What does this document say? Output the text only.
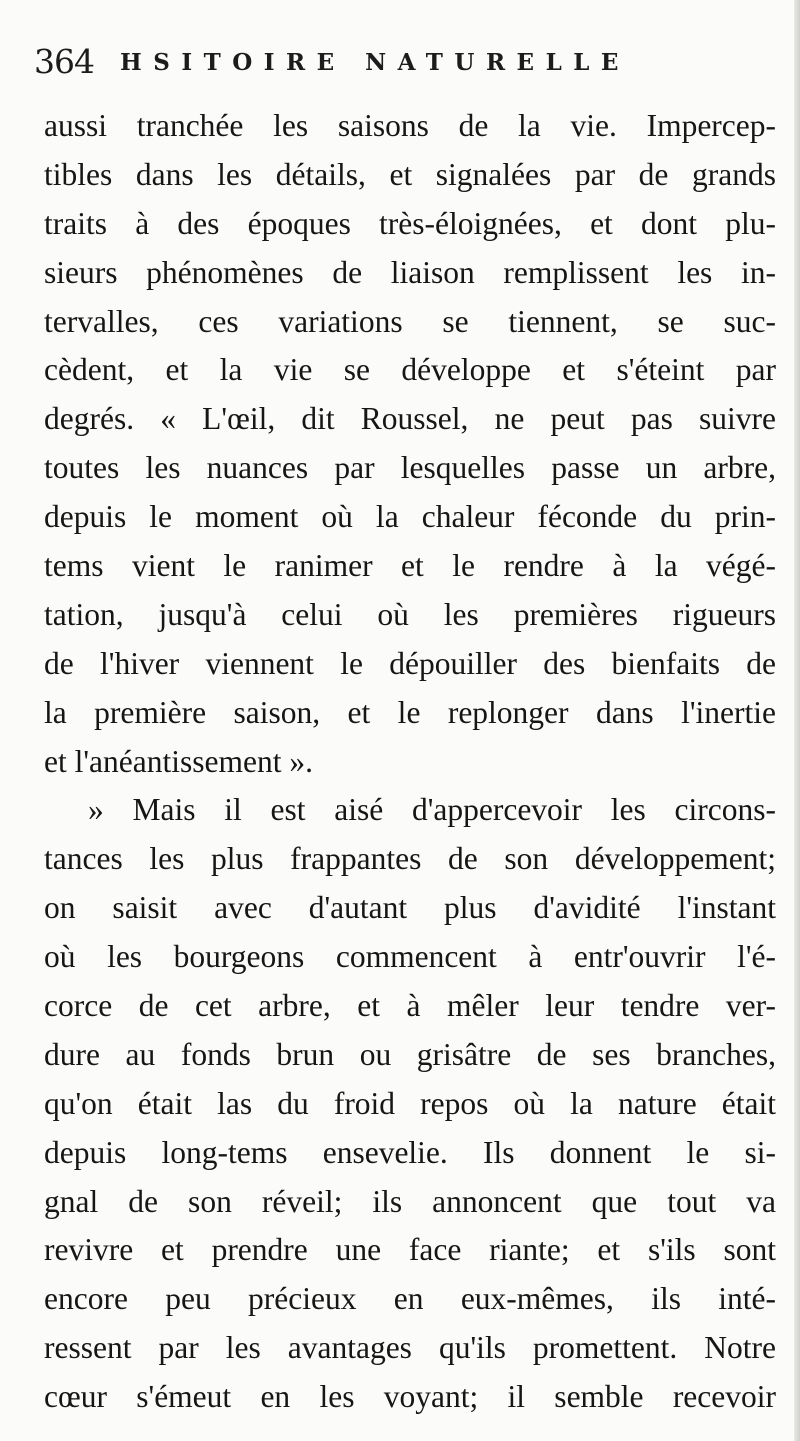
364 HSITOIRE NATURELLE
aussi tranchée les saisons de la vie. Impercep-
tibles dans les détails, et signalées par de grands
traits à des époques très-éloignées, et dont plu-
sieurs phénomènes de liaison remplissent les in-
tervalles, ces variations se tiennent, se suc-
cèdent, et la vie se développe et s'éteint par
degrés. « L'œil, dit Roussel, ne peut pas suivre
toutes les nuances par lesquelles passe un arbre,
depuis le moment où la chaleur féconde du prin-
tems vient le ranimer et le rendre à la végé-
tation, jusqu'à celui où les premières rigueurs
de l'hiver viennent le dépouiller des bienfaits de
la première saison, et le replonger dans l'inertie
et l'anéantissement ».
» Mais il est aisé d'appercevoir les circons-
tances les plus frappantes de son développement;
on saisit avec d'autant plus d'avidité l'instant
où les bourgeons commencent à entr'ouvrir l'é-
corce de cet arbre, et à mêler leur tendre ver-
dure au fonds brun ou grisâtre de ses branches,
qu'on était las du froid repos où la nature était
depuis long-tems ensevelie. Ils donnent le si-
gnal de son réveil; ils annoncent que tout va
revivre et prendre une face riante; et s'ils sont
encore peu précieux en eux-mêmes, ils inté-
ressent par les avantages qu'ils promettent. Notre
cœur s'émeut en les voyant; il semble recevoir
